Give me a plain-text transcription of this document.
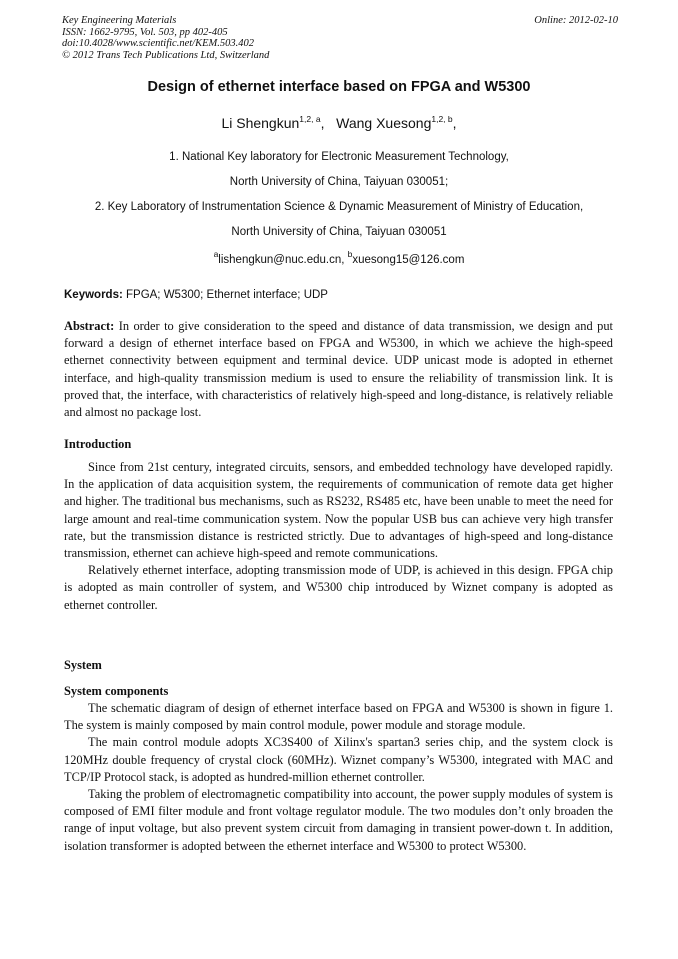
Key Engineering Materials
ISSN: 1662-9795, Vol. 503, pp 402-405
doi:10.4028/www.scientific.net/KEM.503.402
© 2012 Trans Tech Publications Ltd, Switzerland
Online: 2012-02-10
Design of ethernet interface based on FPGA and W5300
Li Shengkun$^{1,2, a}$, Wang Xuesong$^{1,2, b}$,
1. National Key laboratory for Electronic Measurement Technology,
North University of China, Taiyuan 030051;
2. Key Laboratory of Instrumentation Science & Dynamic Measurement of Ministry of Education,
North University of China, Taiyuan 030051
$^a$lishengkun@nuc.edu.cn, $^b$xuesong15@126.com
Keywords: FPGA; W5300; Ethernet interface; UDP

Abstract: In order to give consideration to the speed and distance of data transmission, we design and put forward a design of ethernet interface based on FPGA and W5300, in which we achieve the high-speed ethernet connectivity between equipment and terminal device. UDP unicast mode is adopted in ethernet interface, and high-quality transmission medium is used to ensure the reliability of transmission link. It is proved that, the interface, with characteristics of relatively high-speed and long-distance, is relatively reliable and almost no package lost.

Introduction

Since from 21st century, integrated circuits, sensors, and embedded technology have developed rapidly. In the application of data acquisition system, the requirements of communication of remote data get higher and higher. The traditional bus mechanisms, such as RS232, RS485 etc, have been unable to meet the need for large amount and real-time communication system. Now the popular USB bus can achieve very high transfer rate, but the transmission distance is restricted strictly. Due to advantages of high-speed and long-distance transmission, ethernet can achieve high-speed and remote communications.

Relatively ethernet interface, adopting transmission mode of UDP, is achieved in this design. FPGA chip is adopted as main controller of system, and W5300 chip introduced by Wiznet company is adopted as ethernet controller.

System
System components

The schematic diagram of design of ethernet interface based on FPGA and W5300 is shown in figure 1. The system is mainly composed by main control module, power module and storage module.

The main control module adopts XC3S400 of Xilinx's spartan3 series chip, and the system clock is 120MHz double frequency of crystal clock (60MHz). Wiznet company’s W5300, integrated with MAC and TCP/IP Protocol stack, is adopted as hundred-million ethernet controller.

Taking the problem of electromagnetic compatibility into account, the power supply modules of system is composed of EMI filter module and front voltage regulator module. The two modules don’t only broaden the range of input voltage, but also prevent system circuit from damaging in transient power-down t. In addition, isolation transformer is adopted between the ethernet interface and W5300 to protect W5300.
